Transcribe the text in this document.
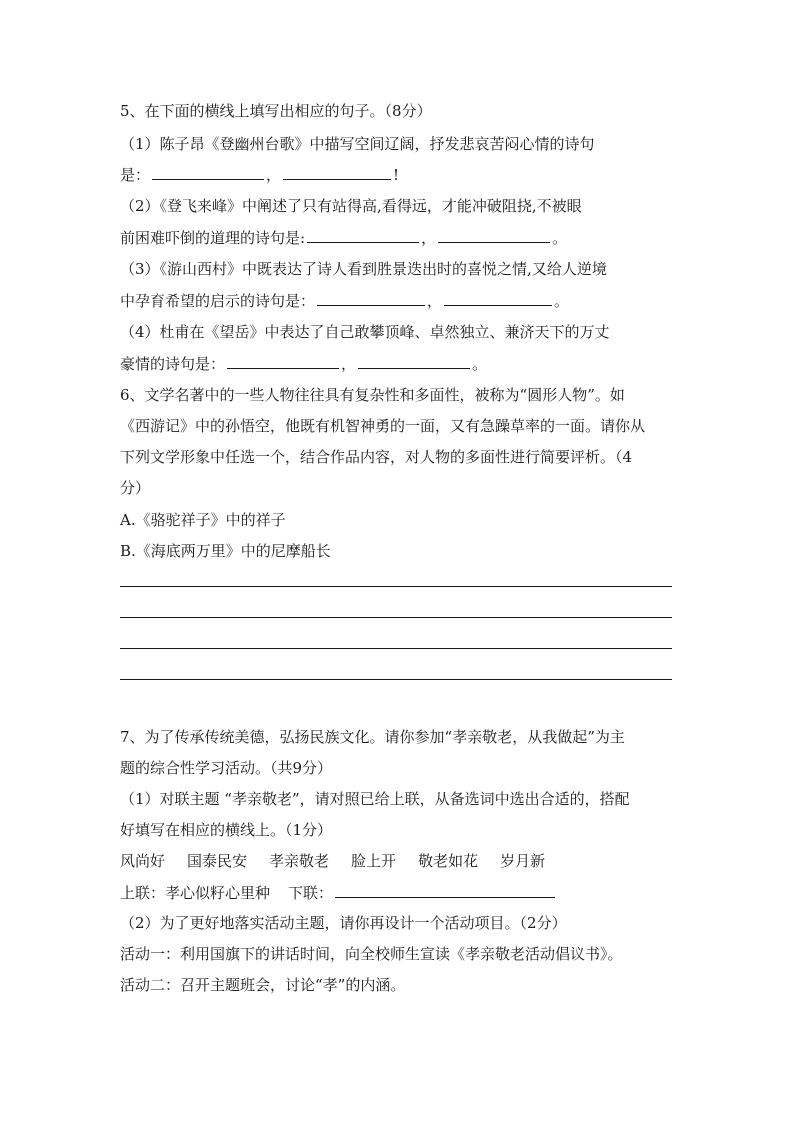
5、在下面的横线上填写出相应的句子。（8分）
（1）陈子昂《登幽州台歌》中描写空间辽阔，抒发悲哀苦闷心情的诗句
是：	，	!
（2）《登飞来峰》中阐述了只有站得高,看得远，才能冲破阻挠,不被眼
前困难吓倒的道理的诗句是:	，	。
（3）《游山西村》中既表达了诗人看到胜景迭出时的喜悦之情,又给人逆境
中孕育希望的启示的诗句是：	，	。
（4）杜甫在《望岳》中表达了自己敢攀顶峰、卓然独立、兼济天下的万丈
豪情的诗句是：	，	。
6、文学名著中的一些人物往往具有复杂性和多面性，被称为“圆形人物”。如
《西游记》中的孙悟空，他既有机智神勇的一面，又有急躁草率的一面。请你从
下列文学形象中任选一个，结合作品内容，对人物的多面性进行简要评析。（4
分）
A.《骆驼祥子》中的祥子
B.《海底两万里》中的尼摩船长
7、为了传承传统美德，弘扬民族文化。请你参加“孝亲敬老，从我做起”为主
题的综合性学习活动。（共9分）
（1）对联主题 “孝亲敬老”，请对照已给上联，从备选词中选出合适的，搭配
好填写在相应的横线上。（1分）
风尚好 国泰民安 孝亲敬老 脸上开 敬老如花 岁月新
上联：孝心似籽心里种 下联：
（2）为了更好地落实活动主题，请你再设计一个活动项目。（2分）
活动一：利用国旗下的讲话时间，向全校师生宣读《孝亲敬老活动倡议书》。
活动二：召开主题班会，讨论“孝”的内涵。
